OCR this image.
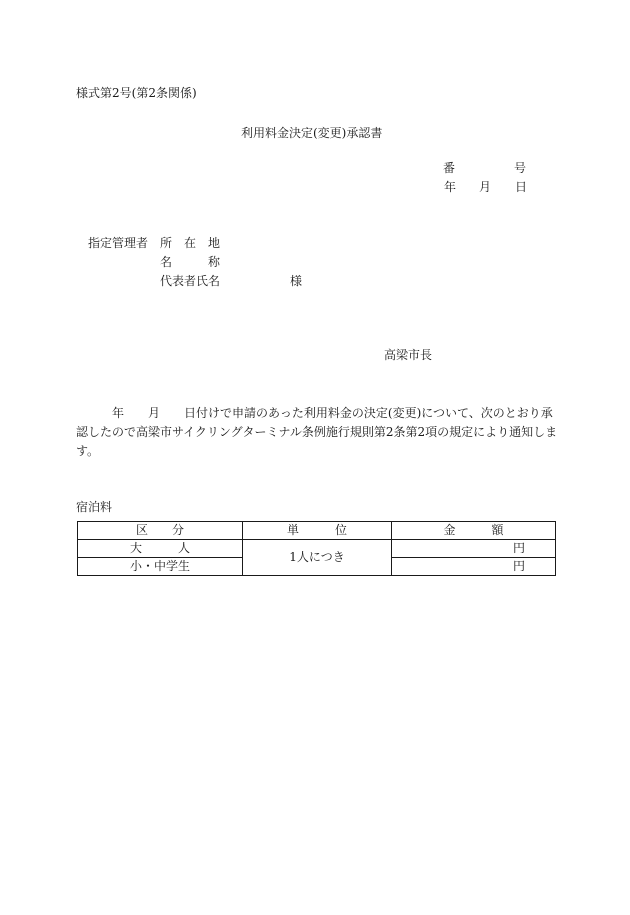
様式第2号(第2条関係)
利用料金決定(変更)承認書
番	号
年 月 日
指定管理者 所　在　地
名　　　称
代表者氏名	様
高梁市長
年 月 日付けで申請のあった利用料金の決定(変更)について、次のとおり承認したので高梁市サイクリングターミナル条例施行規則第2条第2項の規定により通知します。
宿泊料
区　　分	単　　　位	金　　　額
大　　　人	1人につき	円
小・中学生		円
